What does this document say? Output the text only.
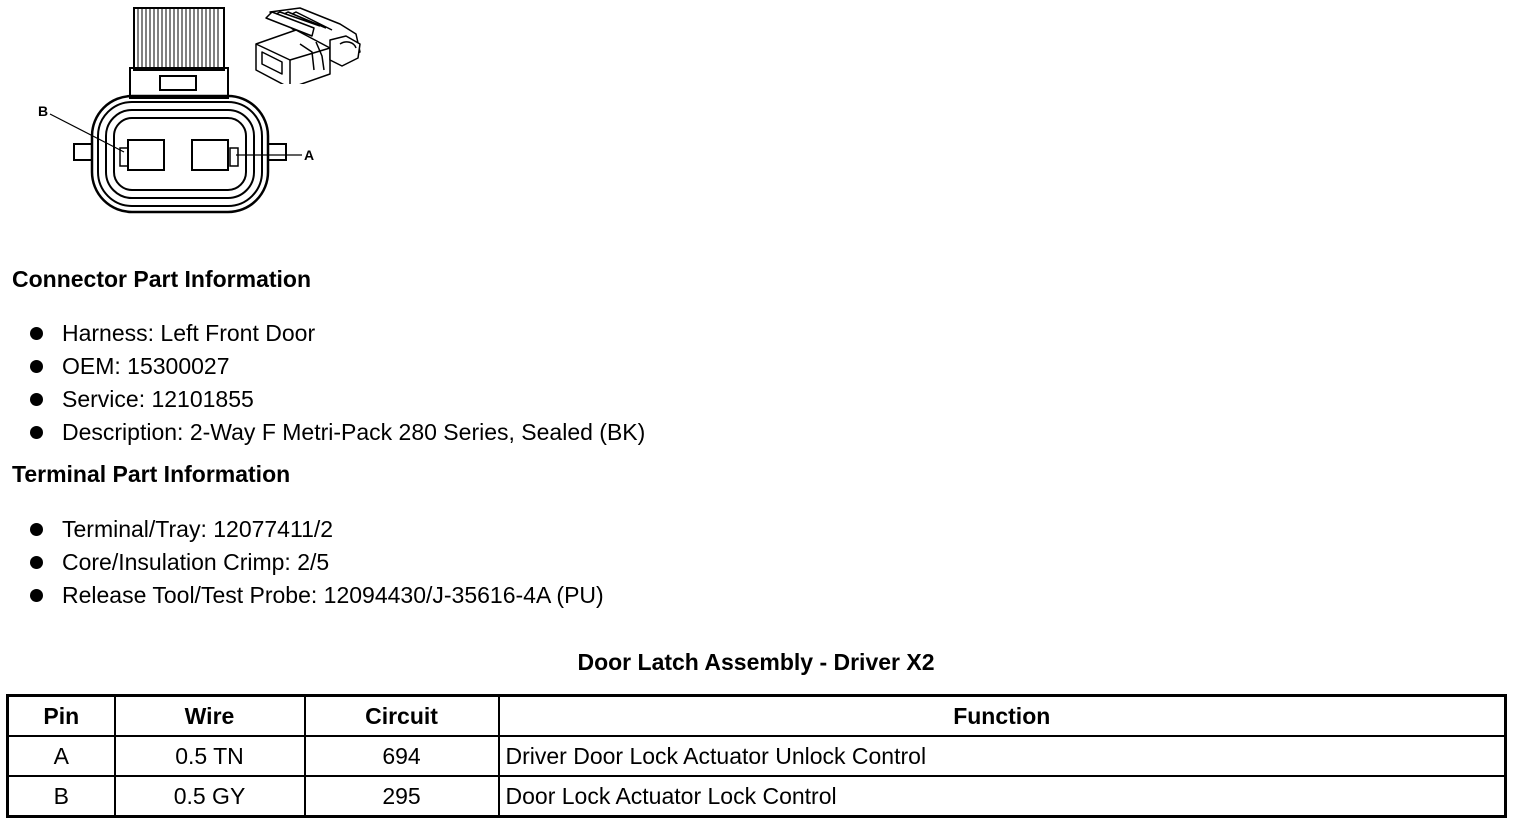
B
A
Connector Part Information
Harness: Left Front Door
OEM: 15300027
Service: 12101855
Description: 2-Way F Metri-Pack 280 Series, Sealed (BK)
Terminal Part Information
Terminal/Tray: 12077411/2
Core/Insulation Crimp: 2/5
Release Tool/Test Probe: 12094430/J-35616-4A (PU)
Door Latch Assembly - Driver X2
Pin	Wire	Circuit	Function
A	0.5 TN	694	Driver Door Lock Actuator Unlock Control
B	0.5 GY	295	Door Lock Actuator Lock Control
